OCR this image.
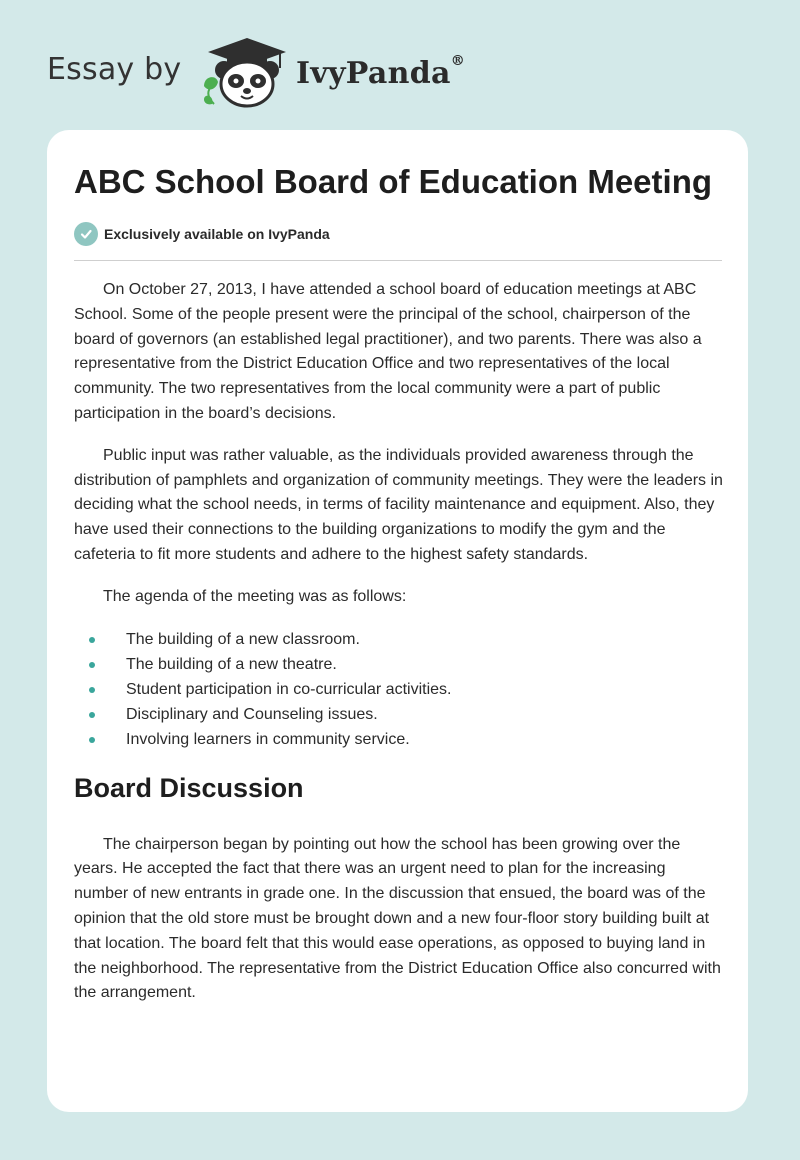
Essay by	IvyPanda®
ABC School Board of Education Meeting
Exclusively available on IvyPanda

On October 27, 2013, I have attended a school board of education meetings at ABC School. Some of the people present were the principal of the school, chairperson of the board of governors (an established legal practitioner), and two parents. There was also a representative from the District Education Office and two representatives of the local community. The two representatives from the local community were a part of public participation in the board’s decisions.

Public input was rather valuable, as the individuals provided awareness through the distribution of pamphlets and organization of community meetings. They were the leaders in deciding what the school needs, in terms of facility maintenance and equipment. Also, they have used their connections to the building organizations to modify the gym and the cafeteria to fit more students and adhere to the highest safety standards.

The agenda of the meeting was as follows:

The building of a new classroom.
The building of a new theatre.
Student participation in co-curricular activities.
Disciplinary and Counseling issues.
Involving learners in community service.
Board Discussion

The chairperson began by pointing out how the school has been growing over the years. He accepted the fact that there was an urgent need to plan for the increasing number of new entrants in grade one. In the discussion that ensued, the board was of the opinion that the old store must be brought down and a new four-floor story building built at that location. The board felt that this would ease operations, as opposed to buying land in the neighborhood. The representative from the District Education Office also concurred with the arrangement.
